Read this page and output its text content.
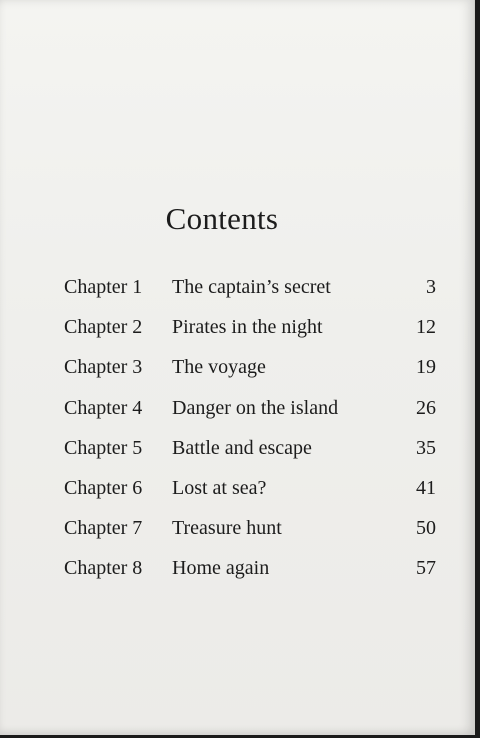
Contents
Chapter 1 The captain’s secret	3
Chapter 2 Pirates in the night	12
Chapter 3 The voyage	19
Chapter 4 Danger on the island	26
Chapter 5 Battle and escape	35
Chapter 6 Lost at sea?	41
Chapter 7 Treasure hunt	50
Chapter 8 Home again	57
